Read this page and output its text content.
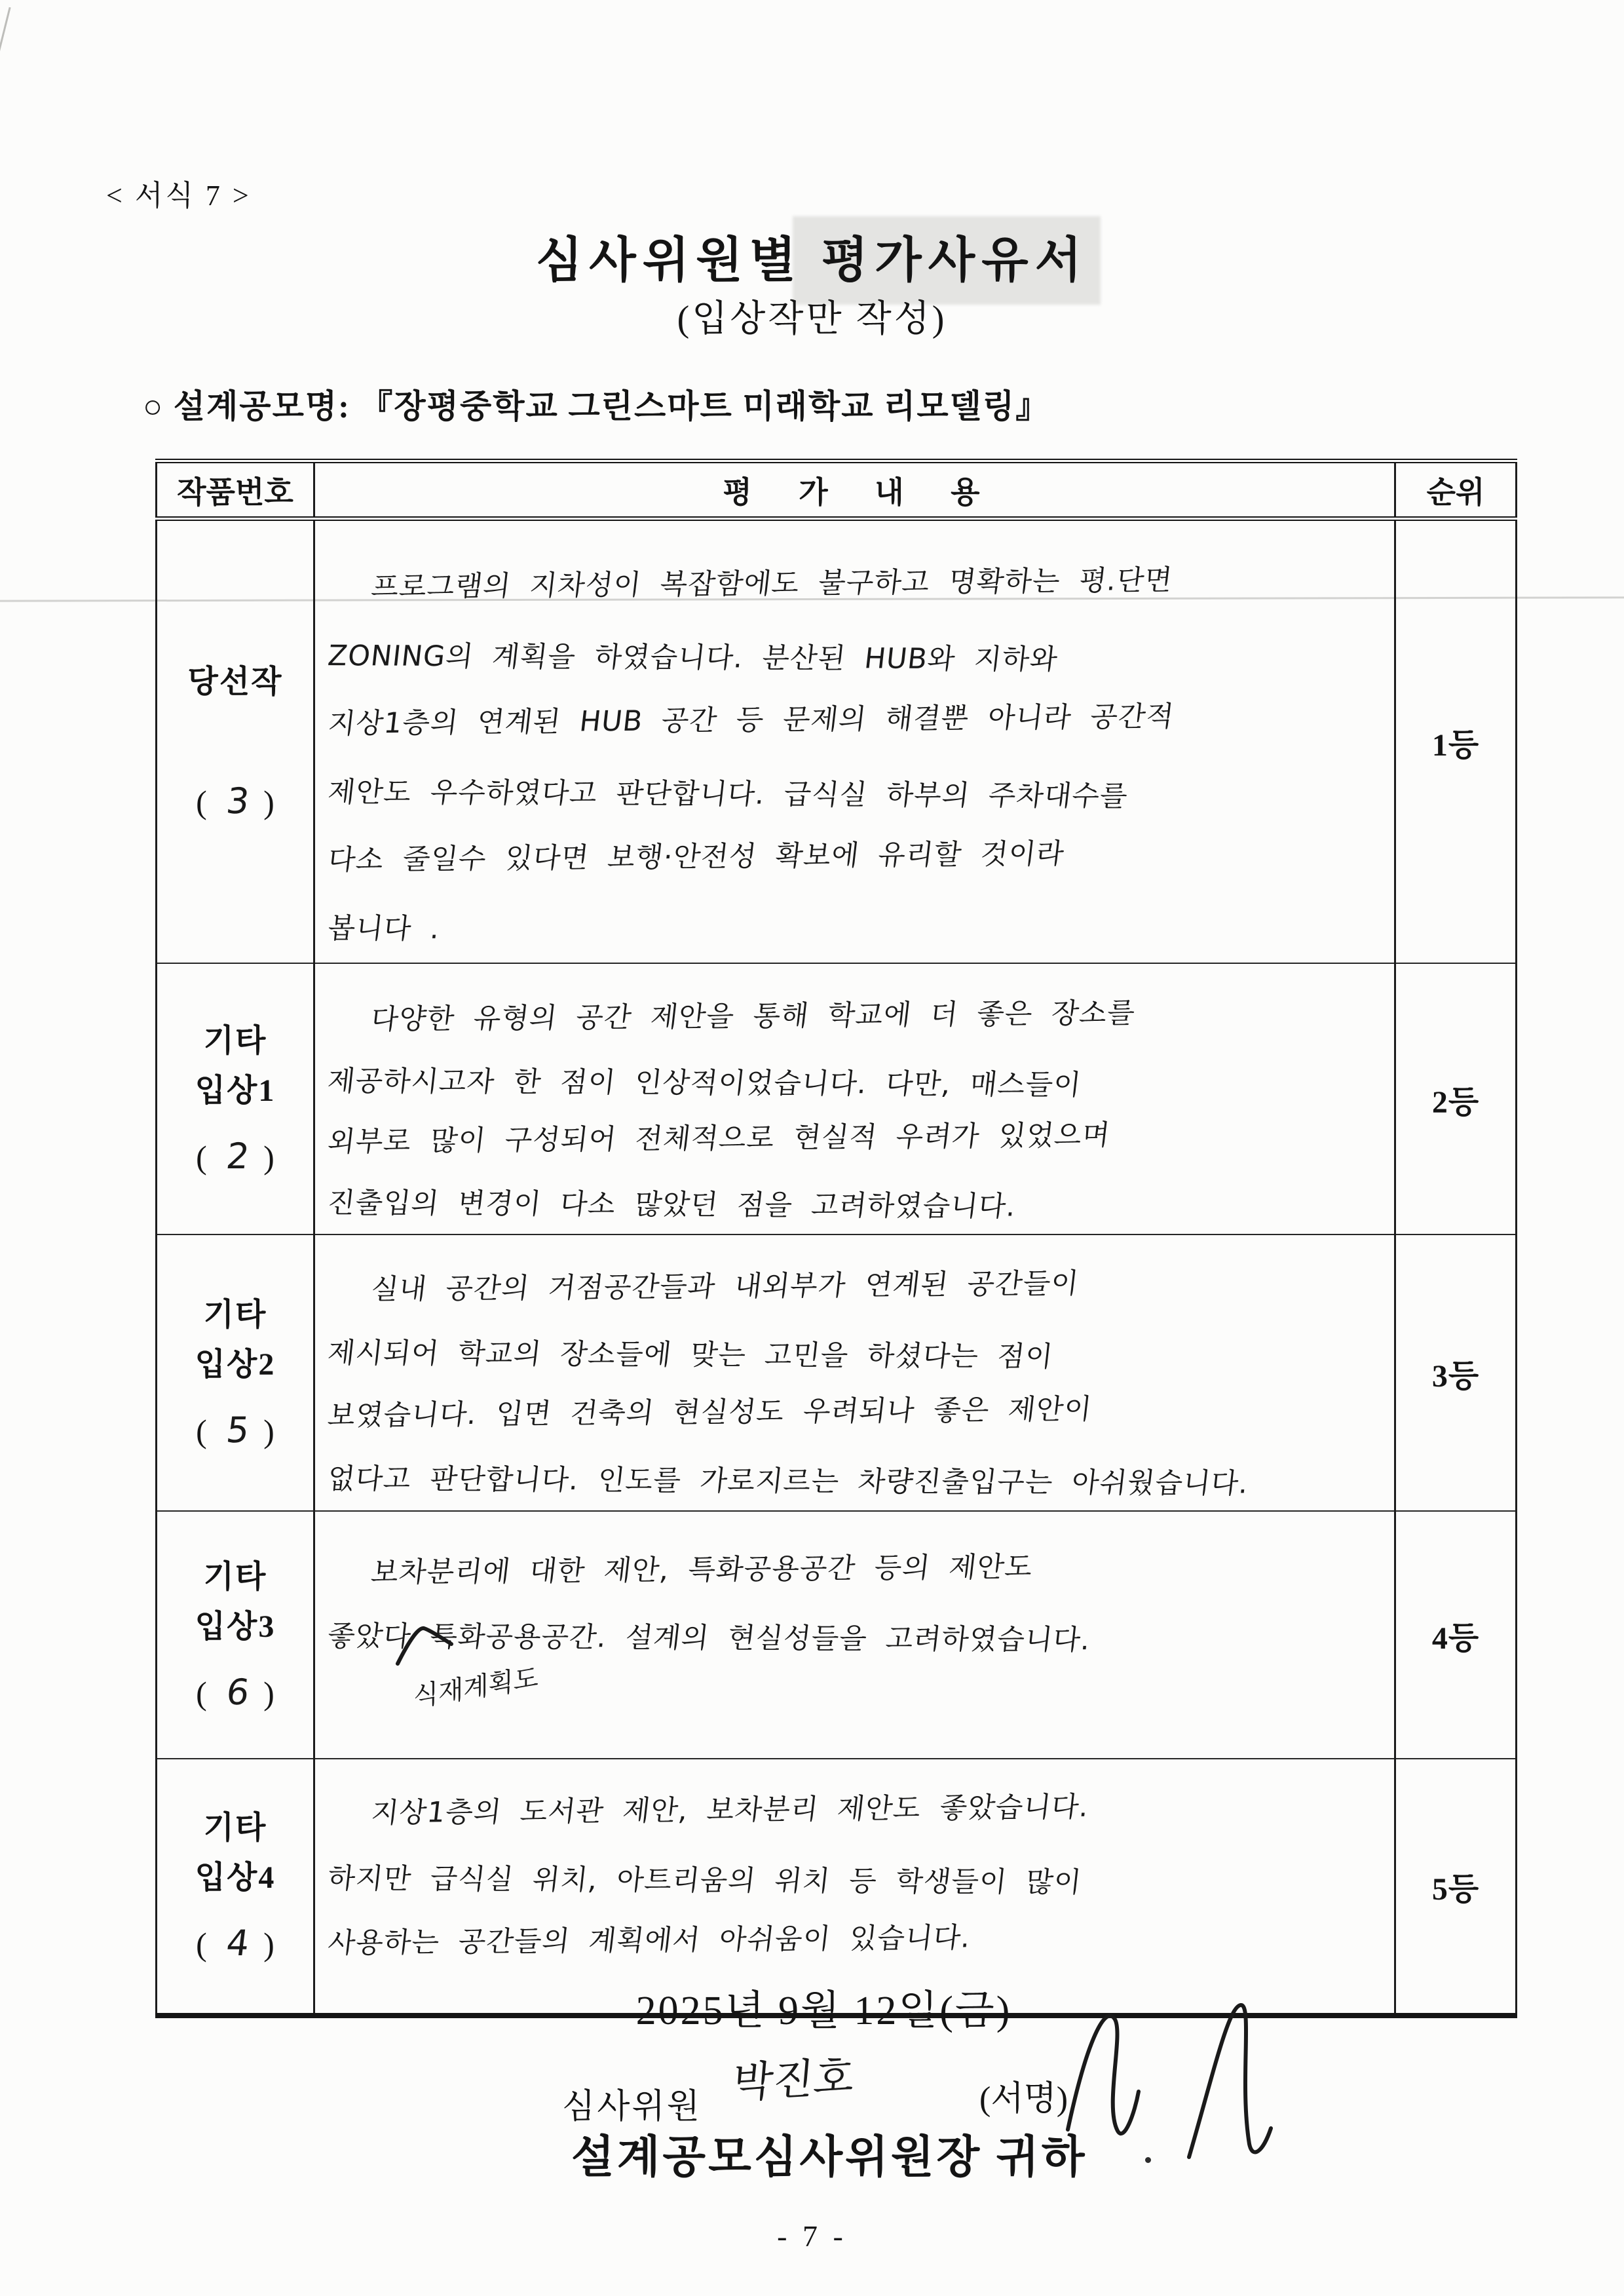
< 서식 7 >
심사위원별 평가사유서
(입상작만 작성)
○ 설계공모명: 『장평중학교 그린스마트 미래학교 리모델링』
작품번호	평 가 내 용	순위

당선작
( 3 )

프로그램의 지차성이 복잡함에도 불구하고 명확하는 평.단면
ZONING의 계획을 하였습니다. 분산된 HUB와 지하와
지상1층의 연계된 HUB 공간 등 문제의 해결뿐 아니라 공간적
제안도 우수하였다고 판단합니다. 급식실 하부의 주차대수를
다소 줄일수 있다면 보행·안전성 확보에 유리할 것이라
봅니다 .
	1등

기타
입상1
( 2 )

다양한 유형의 공간 제안을 통해 학교에 더 좋은 장소를
제공하시고자 한 점이 인상적이었습니다. 다만, 매스들이
외부로 많이 구성되어 전체적으로 현실적 우려가 있었으며
진출입의 변경이 다소 많았던 점을 고려하였습니다.
	2등

기타
입상2
( 5 )

실내 공간의 거점공간들과 내외부가 연계된 공간들이
제시되어 학교의 장소들에 맞는 고민을 하셨다는 점이
보였습니다. 입면 건축의 현실성도 우려되나 좋은 제안이
없다고 판단합니다. 인도를 가로지르는 차량진출입구는 아쉬웠습니다.
	3등

기타
입상3
( 6 )

보차분리에 대한 제안, 특화공용공간 등의 제안도
좋았다 특화공용공간. 설계의 현실성들을 고려하였습니다.
식재계획도
	4등

기타
입상4
( 4 )

지상1층의 도서관 제안, 보차분리 제안도 좋았습니다.
하지만 급식실 위치, 아트리움의 위치 등 학생들이 많이
사용하는 공간들의 계획에서 아쉬움이 있습니다.
	5등
2025년 9월 12일(금)
심사위원 박진호	(서명)
설계공모심사위원장 귀하
- 7 -
